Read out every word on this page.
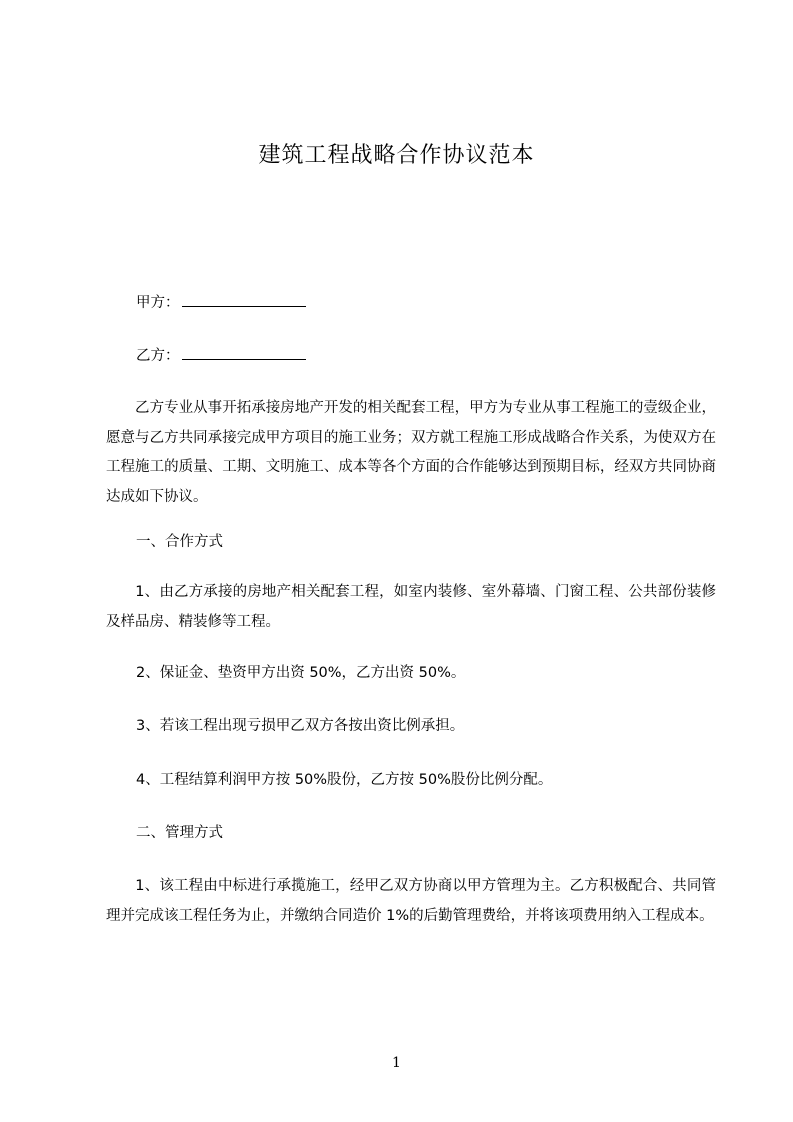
建筑工程战略合作协议范本
甲方：
乙方：
　　乙方专业从事开拓承接房地产开发的相关配套工程，甲方为专业从事工程施工的壹级企业，愿意与乙方共同承接完成甲方项目的施工业务；双方就工程施工形成战略合作关系，为使双方在工程施工的质量、工期、文明施工、成本等各个方面的合作能够达到预期目标，经双方共同协商达成如下协议。
一、合作方式
　　1、由乙方承接的房地产相关配套工程，如室内装修、室外幕墙、门窗工程、公共部份装修及样品房、精装修等工程。
2、保证金、垫资甲方出资 50%，乙方出资 50%。
3、若该工程出现亏损甲乙双方各按出资比例承担。
4、工程结算利润甲方按 50%股份，乙方按 50%股份比例分配。
二、管理方式
　　1、该工程由中标进行承揽施工，经甲乙双方协商以甲方管理为主。乙方积极配合、共同管理并完成该工程任务为止，并缴纳合同造价 1%的后勤管理费给，并将该项费用纳入工程成本。
1
